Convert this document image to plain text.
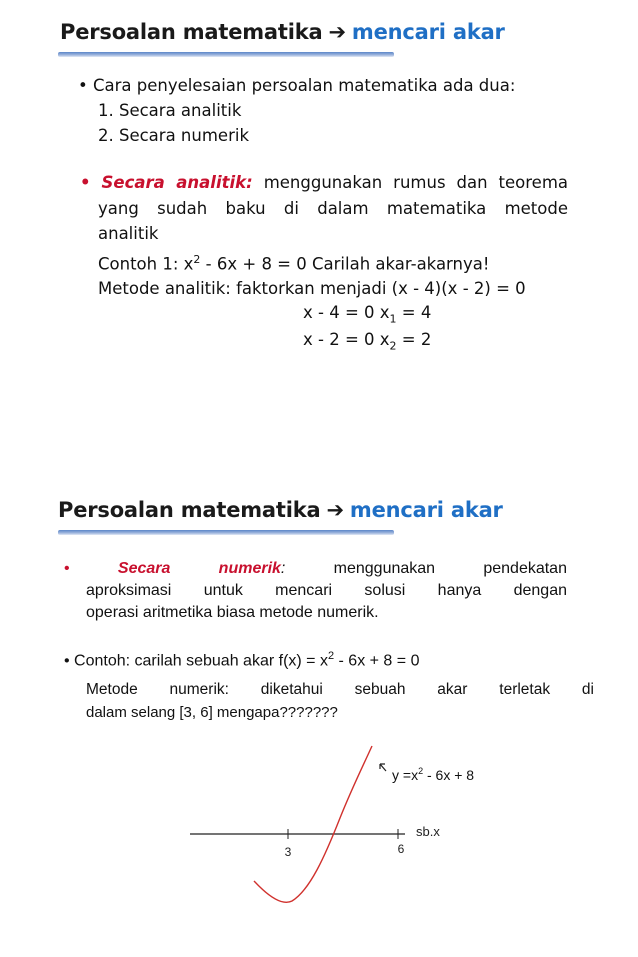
Persoalan matematika ➔ mencari akar
• Cara penyelesaian persoalan matematika ada dua:
1. Secara analitik
2. Secara numerik
• Secara analitik: menggunakan rumus dan teorema
yang sudah baku di dalam matematika metode
analitik
Contoh 1: $x^2 - 6x + 8 = 0$ Carilah akar-akarnya!
Metode analitik: faktorkan menjadi (x - 4)(x - 2) = 0
x - 4 = 0 $x_1 = 4$
x - 2 = 0 $x_2 = 2$
Persoalan matematika ➔ mencari akar
•	Secara	numerik:	menggunakan pendekatan
aproksimasi untuk mencari solusi hanya dengan
operasi aritmetika biasa metode numerik.
• Contoh: carilah sebuah akar $f(x) = x^2 - 6x + 8 = 0$
Metode numerik: diketahui sebuah akar terletak di
dalam selang [3, 6] mengapa???????
3	6
sb.x
$y =x^2 - 6x + 8$
